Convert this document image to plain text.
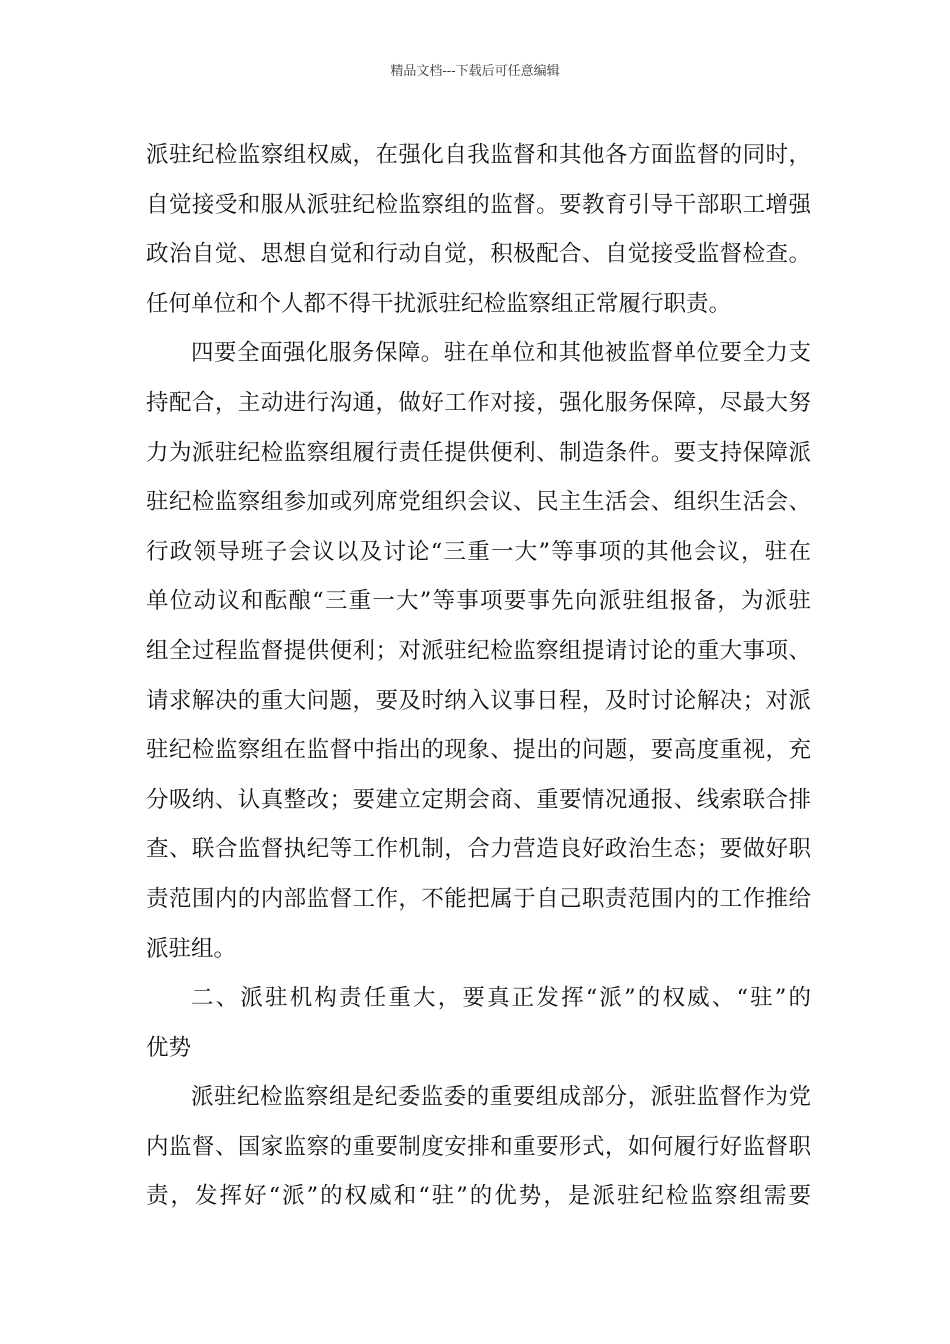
精品文档---下载后可任意编辑
派驻纪检监察组权威，在强化自我监督和其他各方面监督的同时，
自觉接受和服从派驻纪检监察组的监督。要教育引导干部职工增强
政治自觉、思想自觉和行动自觉，积极配合、自觉接受监督检查。
任何单位和个人都不得干扰派驻纪检监察组正常履行职责。
四要全面强化服务保障。驻在单位和其他被监督单位要全力支
持配合，主动进行沟通，做好工作对接，强化服务保障，尽最大努
力为派驻纪检监察组履行责任提供便利、制造条件。要支持保障派
驻纪检监察组参加或列席党组织会议、民主生活会、组织生活会、
行政领导班子会议以及讨论“三重一大”等事项的其他会议，驻在
单位动议和酝酿“三重一大”等事项要事先向派驻组报备，为派驻
组全过程监督提供便利；对派驻纪检监察组提请讨论的重大事项、
请求解决的重大问题，要及时纳入议事日程，及时讨论解决；对派
驻纪检监察组在监督中指出的现象、提出的问题，要高度重视，充
分吸纳、认真整改；要建立定期会商、重要情况通报、线索联合排
查、联合监督执纪等工作机制，合力营造良好政治生态；要做好职
责范围内的内部监督工作，不能把属于自己职责范围内的工作推给
派驻组。
二、派驻机构责任重大，要真正发挥“派”的权威、“驻”的
优势
派驻纪检监察组是纪委监委的重要组成部分，派驻监督作为党
内监督、国家监察的重要制度安排和重要形式，如何履行好监督职
责，发挥好“派”的权威和“驻”的优势，是派驻纪检监察组需要
